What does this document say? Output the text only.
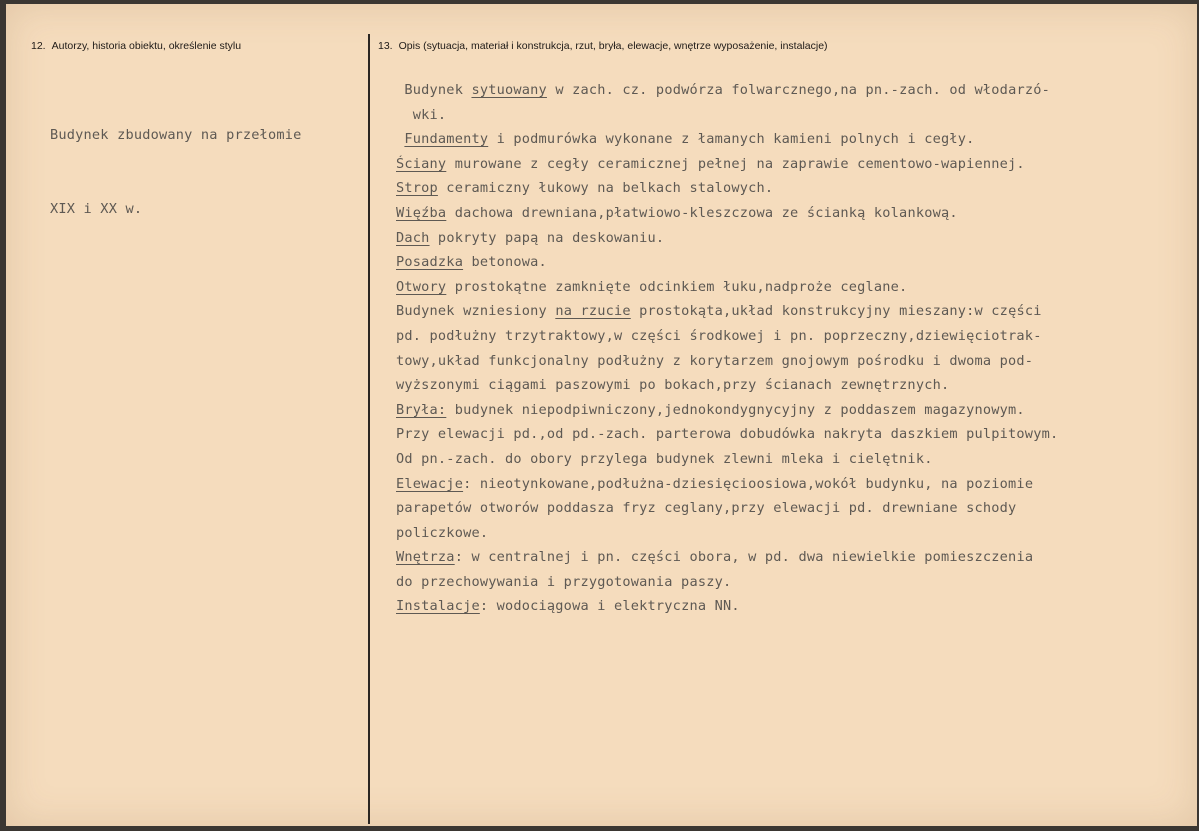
12. Autorzy, historia obiektu, określenie stylu	13. Opis (sytuacja, materiał i konstrukcja, rzut, bryła, elewacje, wnętrze wyposażenie, instalacje)

Budynek zbudowany na przełomie

XIX i XX w.

Budynek sytuowany w zach. cz. podwórza folwarcznego,na pn.-zach. od włodarzó-
wki.
Fundamenty i podmurówka wykonane z łamanych kamieni polnych i cegły.
Ściany murowane z cegły ceramicznej pełnej na zaprawie cementowo-wapiennej.
Strop ceramiczny łukowy na belkach stalowych.
Więźba dachowa drewniana,płatwiowo-kleszczowa ze ścianką kolankową.
Dach pokryty papą na deskowaniu.
Posadzka betonowa.
Otwory prostokątne zamknięte odcinkiem łuku,nadproże ceglane.
Budynek wzniesiony na rzucie prostokąta,układ konstrukcyjny mieszany:w części
pd. podłużny trzytraktowy,w części środkowej i pn. poprzeczny,dziewięciotrak-
towy,układ funkcjonalny podłużny z korytarzem gnojowym pośrodku i dwoma pod-
wyższonymi ciągami paszowymi po bokach,przy ścianach zewnętrznych.
Bryła: budynek niepodpiwniczony,jednokondygnycyjny z poddaszem magazynowym.
Przy elewacji pd.,od pd.-zach. parterowa dobudówka nakryta daszkiem pulpitowym.
Od pn.-zach. do obory przylega budynek zlewni mleka i cielętnik.
Elewacje: nieotynkowane,podłużna-dziesięcioosiowa,wokół budynku, na poziomie
parapetów otworów poddasza fryz ceglany,przy elewacji pd. drewniane schody
policzkowe.
Wnętrza: w centralnej i pn. części obora, w pd. dwa niewielkie pomieszczenia
do przechowywania i przygotowania paszy.
Instalacje: wodociągowa i elektryczna NN.
